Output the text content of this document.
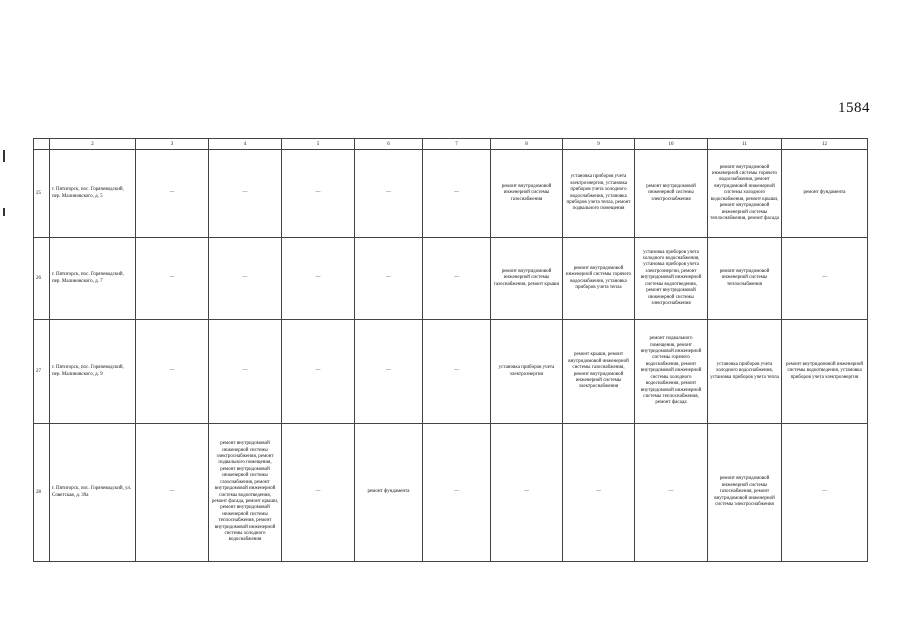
1584
	2	3	4	5	6	7	8	9	10	11	12
25	г. Пятигорск, пос. Горячеводский, пер. Малиновского, д. 5	—	—	—	—	—	ремонт внутридомовой инженерной системы газоснабжения	установка приборов учета электроэнергии, установка приборов учета холодного водоснабжения, установка приборов учета тепла, ремонт подвального помещения	ремонт внутридомовой инженерной системы электроснабжения	ремонт внутридомовой инженерной системы горячего водоснабжения, ремонт внутридомовой инженерной системы холодного водоснабжения, ремонт крыши, ремонт внутридомовой инженерной системы теплоснабжения, ремонт фасада	ремонт фундамента
26	г. Пятигорск, пос. Горячеводский, пер. Малиновского, д. 7	—	—	—	—	—	ремонт внутридомовой инженерной системы газоснабжения, ремонт крыши	ремонт внутридомовой инженерной системы горячего водоснабжения, установка приборов учета тепла	установка приборов учета холодного водоснабжения, установка приборов учета электроэнергии, ремонт внутридомовой инженерной системы водоотведения, ремонт внутридомовой инженерной системы электроснабжения	ремонт внутридомовой инженерной системы теплоснабжения	—
27	г. Пятигорск, пос. Горячеводский, пер. Малиновского, д. 9	—	—	—	—	—	установка приборов учета электроэнергии	ремонт крыши, ремонт внутридомовой инженерной системы газоснабжения, ремонт внутридомовой инженерной системы электроснабжения	ремонт подвального помещения, ремонт внутридомовой инженерной системы горячего водоснабжения, ремонт внутридомовой инженерной системы холодного водоснабжения, ремонт внутридомовой инженерной системы теплоснабжения, ремонт фасада	установка приборов учета холодного водоснабжения, установка приборов учета тепла	ремонт внутридомовой инженерной системы водоотведения, установка приборов учета электроэнергии
28	г. Пятигорск, пос. Горячеводский, ул. Советская, д. 39а	—	ремонт внутридомовой инженерной системы электроснабжения, ремонт подвального помещения, ремонт внутридомовой инженерной системы газоснабжения, ремонт внутридомовой инженерной системы водоотведения, ремонт фасада, ремонт крыши, ремонт внутридомовой инженерной системы теплоснабжения, ремонт внутридомовой инженерной системы холодного водоснабжения	—	ремонт фундамента	—	—	—	—	ремонт внутридомовой инженерной системы газоснабжения, ремонт внутридомовой инженерной системы электроснабжения	—
